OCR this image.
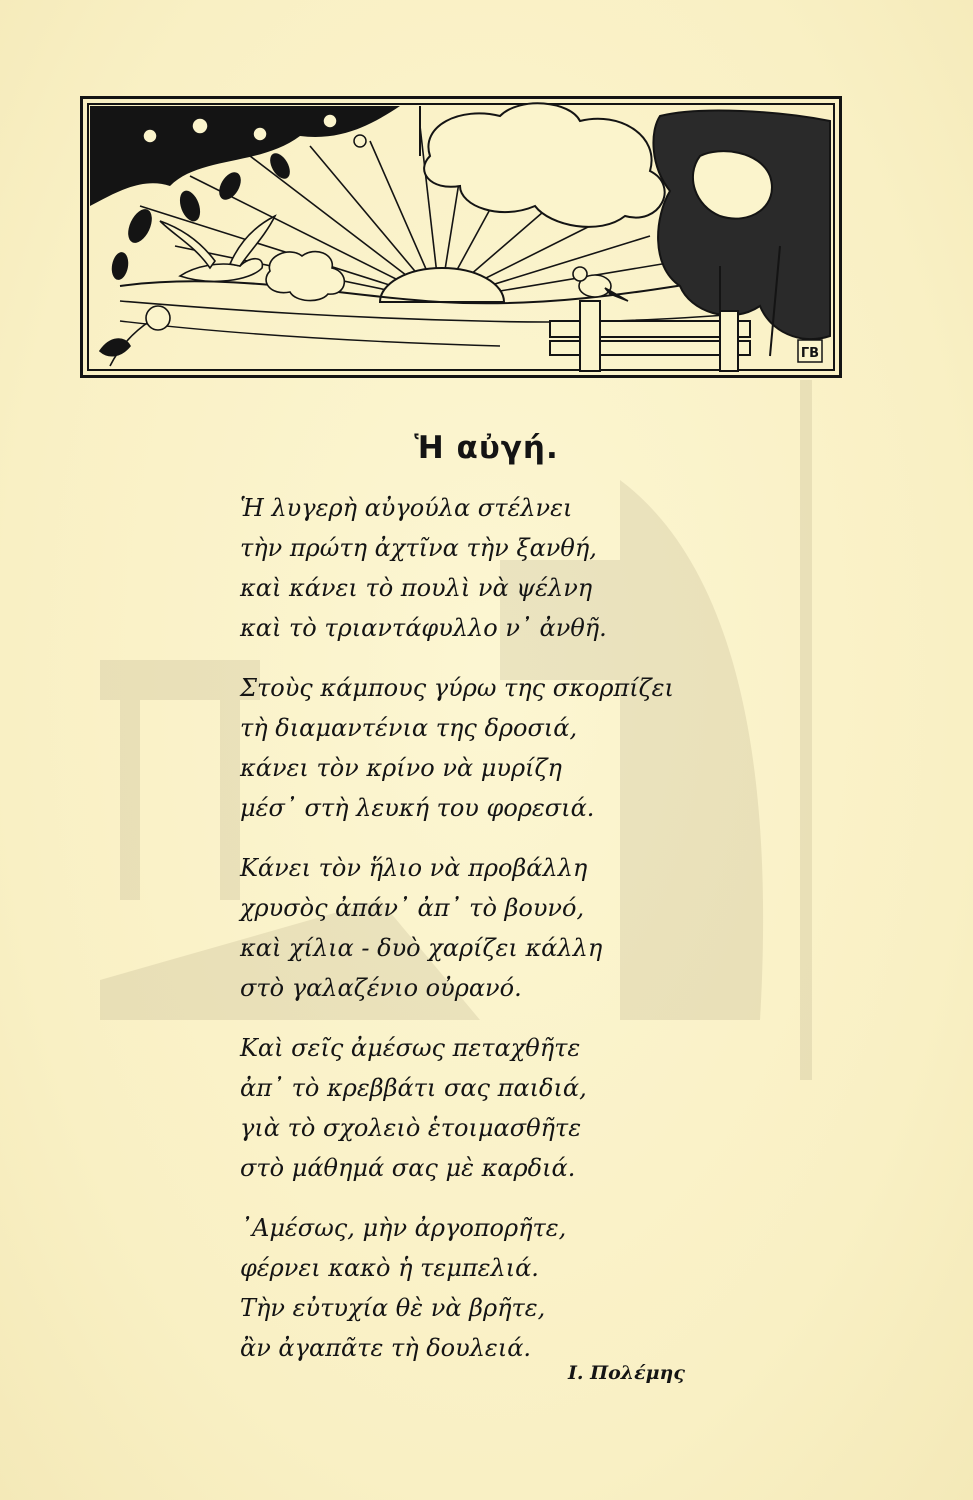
ΓΒ
Ἡ αὐγή.
Ἡ λυγερὴ αὐγούλα στέλνει
τὴν πρώτη ἀχτῖνα τὴν ξανθή,
καὶ κάνει τὸ πουλὶ νὰ ψέλνη
καὶ τὸ τριαντάφυλλο ν᾽ ἀνθῆ.
Στοὺς κάμπους γύρω της σκορπίζει
τὴ διαμαντένια της δροσιά,
κάνει τὸν κρίνο νὰ μυρίζη
μέσ᾽ στὴ λευκή του φορεσιά.
Κάνει τὸν ἥλιο νὰ προβάλλη
χρυσὸς ἀπάν᾽ ἀπ᾽ τὸ βουνό,
καὶ χίλια - δυὸ χαρίζει κάλλη
στὸ γαλαζένιο οὐρανό.
Καὶ σεῖς ἀμέσως πεταχθῆτε
ἀπ᾽ τὸ κρεββάτι σας παιδιά,
γιὰ τὸ σχολειὸ ἑτοιμασθῆτε
στὸ μάθημά σας μὲ καρδιά.
᾽Αμέσως, μὴν ἀργοπορῆτε,
φέρνει κακὸ ἡ τεμπελιά.
Τὴν εὐτυχία θὲ νὰ βρῆτε,
ἂν ἀγαπᾶτε τὴ δουλειά.
Ι. Πολέμης
